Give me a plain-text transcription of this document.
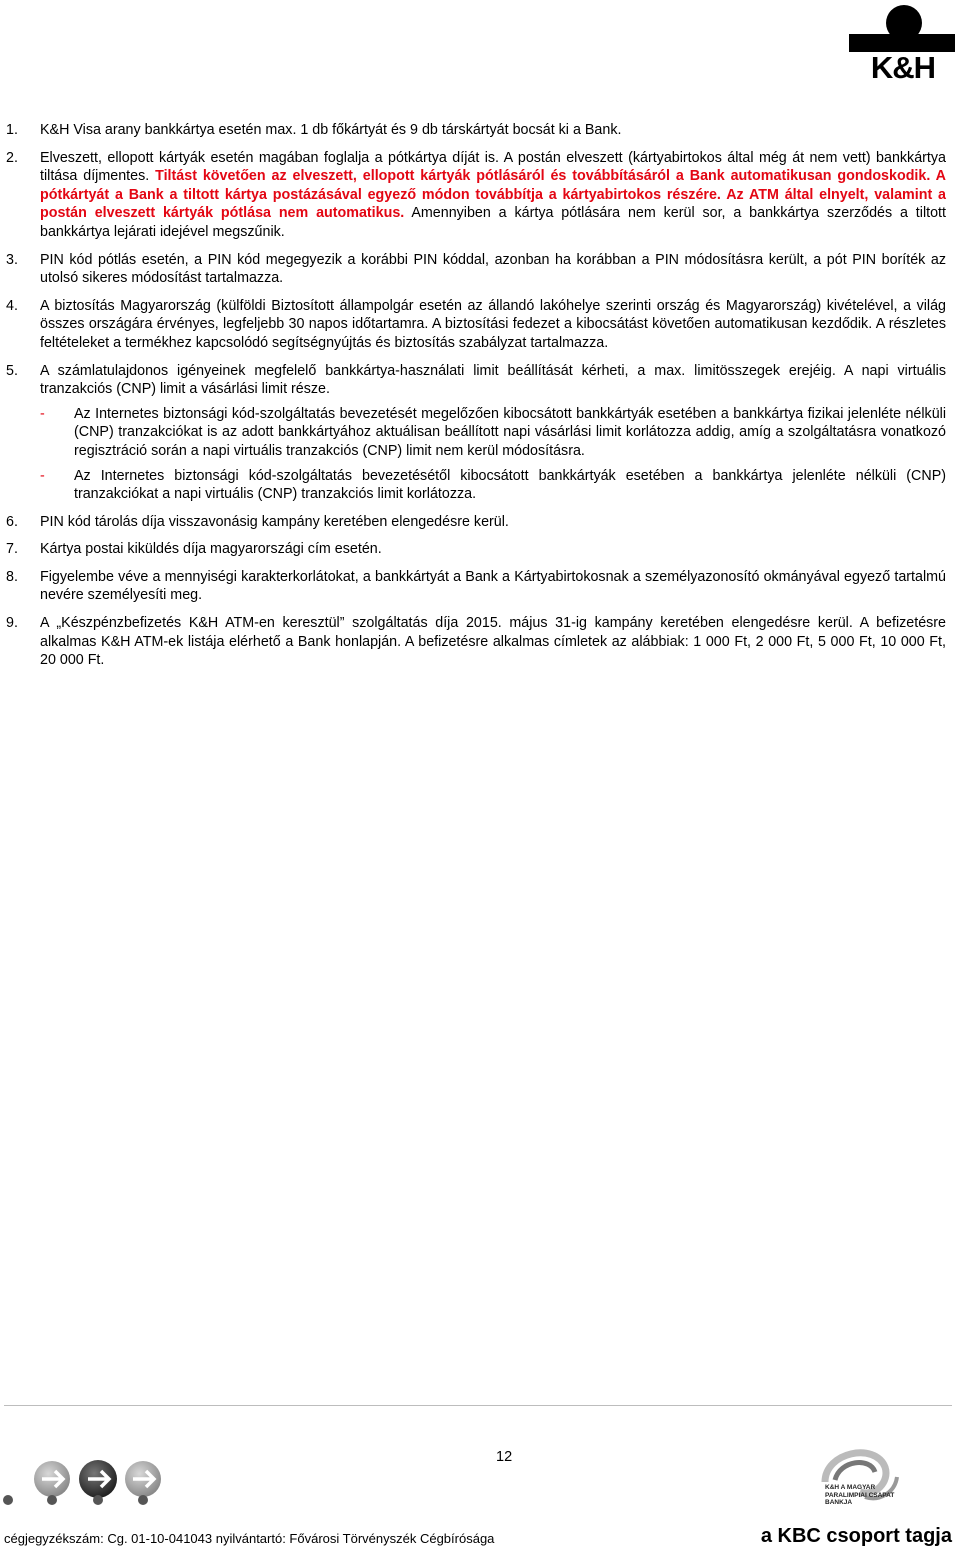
K&H
1. K&H Visa arany bankkártya esetén max. 1 db főkártyát és 9 db társkártyát bocsát ki a Bank.
2. Elveszett, ellopott kártyák esetén magában foglalja a pótkártya díját is. A postán elveszett (kártyabirtokos által még át nem vett) bankkártya tiltása díjmentes. Tiltást követően az elveszett, ellopott kártyák pótlásáról és továbbításáról a Bank automatikusan gondoskodik. A pótkártyát a Bank a tiltott kártya postázásával egyező módon továbbítja a kártyabirtokos részére. Az ATM által elnyelt, valamint a postán elveszett kártyák pótlása nem automatikus. Amennyiben a kártya pótlására nem kerül sor, a bankkártya szerződés a tiltott bankkártya lejárati idejével megszűnik.
3. PIN kód pótlás esetén, a PIN kód megegyezik a korábbi PIN kóddal, azonban ha korábban a PIN módosításra került, a pót PIN boríték az utolsó sikeres módosítást tartalmazza.
4. A biztosítás Magyarország (külföldi Biztosított állampolgár esetén az állandó lakóhelye szerinti ország és Magyarország) kivételével, a világ összes országára érvényes, legfeljebb 30 napos időtartamra. A biztosítási fedezet a kibocsátást követően automatikusan kezdődik. A részletes feltételeket a termékhez kapcsolódó segítségnyújtás és biztosítás szabályzat tartalmazza.
5. A számlatulajdonos igényeinek megfelelő bankkártya-használati limit beállítását kérheti, a max. limitösszegek erejéig. A napi virtuális tranzakciós (CNP) limit a vásárlási limit része.
- Az Internetes biztonsági kód-szolgáltatás bevezetését megelőzően kibocsátott bankkártyák esetében a bankkártya fizikai jelenléte nélküli (CNP) tranzakciókat is az adott bankkártyához aktuálisan beállított napi vásárlási limit korlátozza addig, amíg a szolgáltatásra vonatkozó regisztráció során a napi virtuális tranzakciós (CNP) limit nem kerül módosításra.
- Az Internetes biztonsági kód-szolgáltatás bevezetésétől kibocsátott bankkártyák esetében a bankkártya jelenléte nélküli (CNP) tranzakciókat a napi virtuális (CNP) tranzakciós limit korlátozza.
6. PIN kód tárolás díja visszavonásig kampány keretében elengedésre kerül.
7. Kártya postai kiküldés díja magyarországi cím esetén.
8. Figyelembe véve a mennyiségi karakterkorlátokat, a bankkártyát a Bank a Kártyabirtokosnak a személyazonosító okmányával egyező tartalmú nevére személyesíti meg.
9. A „Készpénzbefizetés K&H ATM-en keresztül” szolgáltatás díja 2015. május 31-ig kampány keretében elengedésre kerül. A befizetésre alkalmas K&H ATM-ek listája elérhető a Bank honlapján. A befizetésre alkalmas címletek az alábbiak: 1 000 Ft, 2 000 Ft, 5 000 Ft, 10 000 Ft, 20 000 Ft.
12
cégjegyzékszám: Cg. 01-10-041043 nyilvántartó: Fővárosi Törvényszék Cégbírósága
K&H A MAGYAR PARALIMPIAI CSAPAT BANKJA
a KBC csoport tagja
